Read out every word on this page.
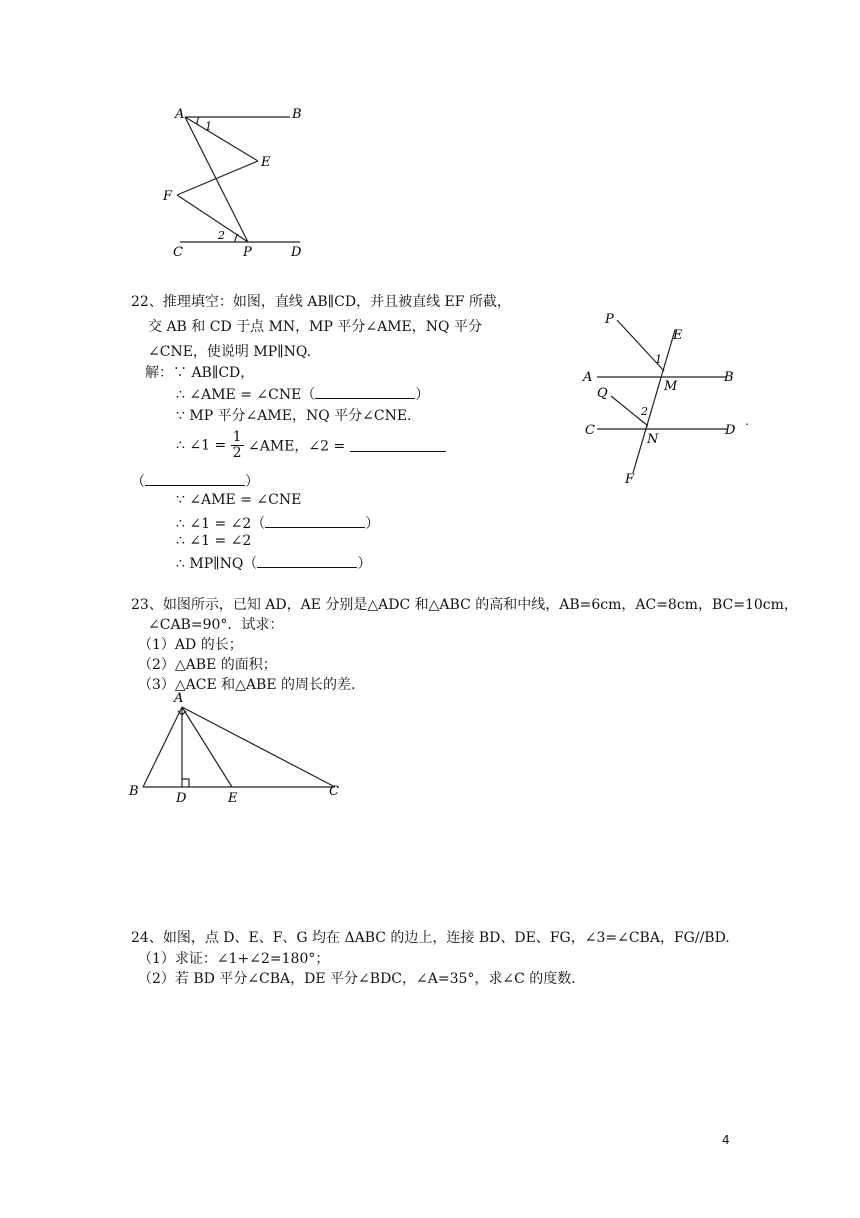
A	B
E
F
C	P	D
1
2
22、推理填空：如图，直线 AB∥CD，并且被直线 EF 所截，
交 AB 和 CD 于点 MN，MP 平分∠AME，NQ 平分
∠CNE，使说明 MP∥NQ.
解：∵ AB∥CD，
∴ ∠AME = ∠CNE（	）
∵ MP 平分∠AME，NQ 平分∠CNE.
∴ ∠1 = $\frac{1}{2}$ ∠AME，∠2 =
（	）
∵ ∠AME = ∠CNE
∴ ∠1 = ∠2（	）
∴ ∠1 = ∠2
∴ MP∥NQ（	）
P
E
A	B
M
Q
C	D
N
F
1
2
.
23、如图所示，已知 AD，AE 分别是△ADC 和△ABC 的高和中线，AB=6cm，AC=8cm，BC=10cm，
∠CAB=90°．试求：
（1）AD 的长；
（2）△ABE 的面积；
（3）△ACE 和△ABE 的周长的差.
A
B	D	E	C
24、如图，点 D、E、F、G 均在 ΔABC 的边上，连接 BD、DE、FG，∠3=∠CBA，FG//BD.
（1）求证：∠1+∠2=180°；
（2）若 BD 平分∠CBA，DE 平分∠BDC，∠A=35°，求∠C 的度数.
4
